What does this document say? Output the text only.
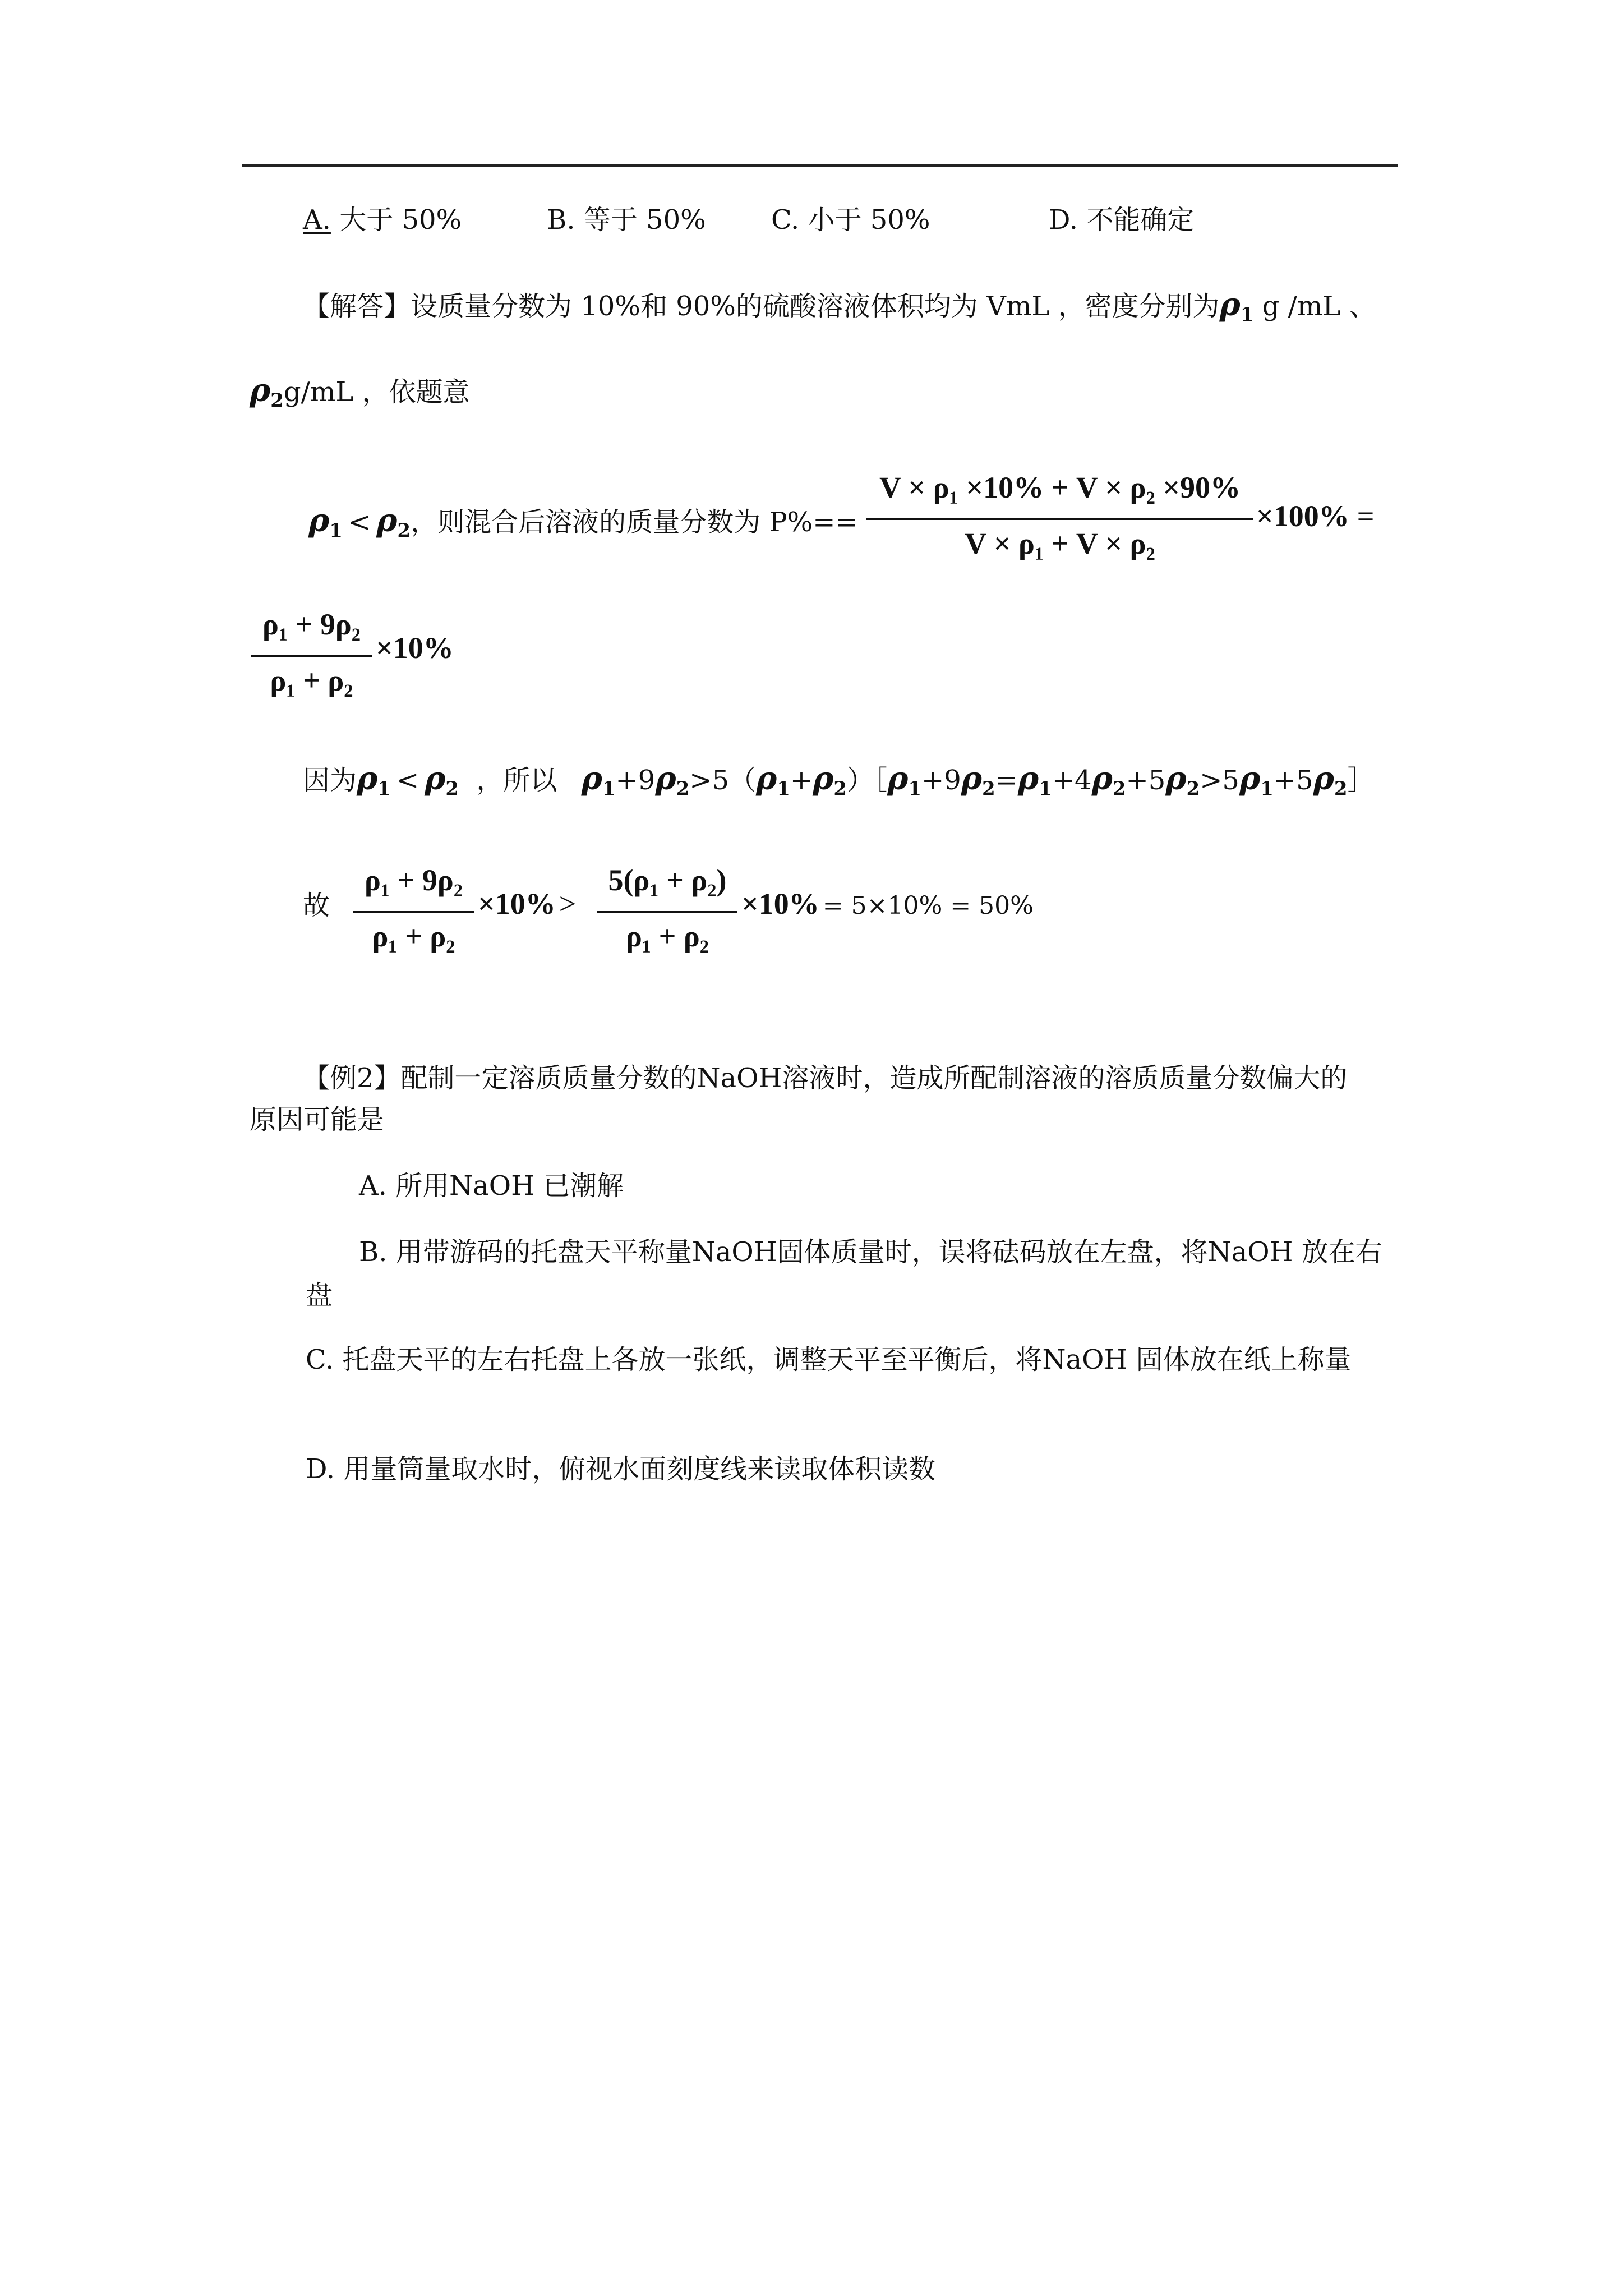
A. 大于 50%	B. 等于 50% C. 小于 50%	D. 不能确定
【解答】设质量分数为 10%和 90%的硫酸溶液体积均为 VmL ，密度分别为$\rho_1$ g /mL 、
$\rho_2g/mL$ ，依题意
$\rho_1 < \rho_2$，则混合后溶液的质量分数为 P%==
V × ρ₁ ×10% + V × ρ₂ ×90%
V × ρ₁ + V × ρ₂
×100% =
ρ₁ + 9ρ₂
ρ₁ + ρ₂
×10%
因为$\rho_1 < \rho_2$ ，所以 $\rho_1+9\rho_2>5(\rho_1+\rho_2)[\rho_1+9\rho_2=\rho_1+4\rho_2+5\rho_2>5\rho_1+5\rho_2]$
故
ρ₁ + 9ρ₂
ρ₁ + ρ₂
×10% >
5(ρ₁ + ρ₂)
ρ₁ + ρ₂
×10% = 5×10% = 50%
【例2】配制一定溶质质量分数的NaOH溶液时，造成所配制溶液的溶质质量分数偏大的
原因可能是
A. 所用NaOH 已潮解
B. 用带游码的托盘天平称量NaOH固体质量时，误将砝码放在左盘，将NaOH 放在右
盘
C. 托盘天平的左右托盘上各放一张纸，调整天平至平衡后，将NaOH 固体放在纸上称量
D. 用量筒量取水时，俯视水面刻度线来读取体积读数
